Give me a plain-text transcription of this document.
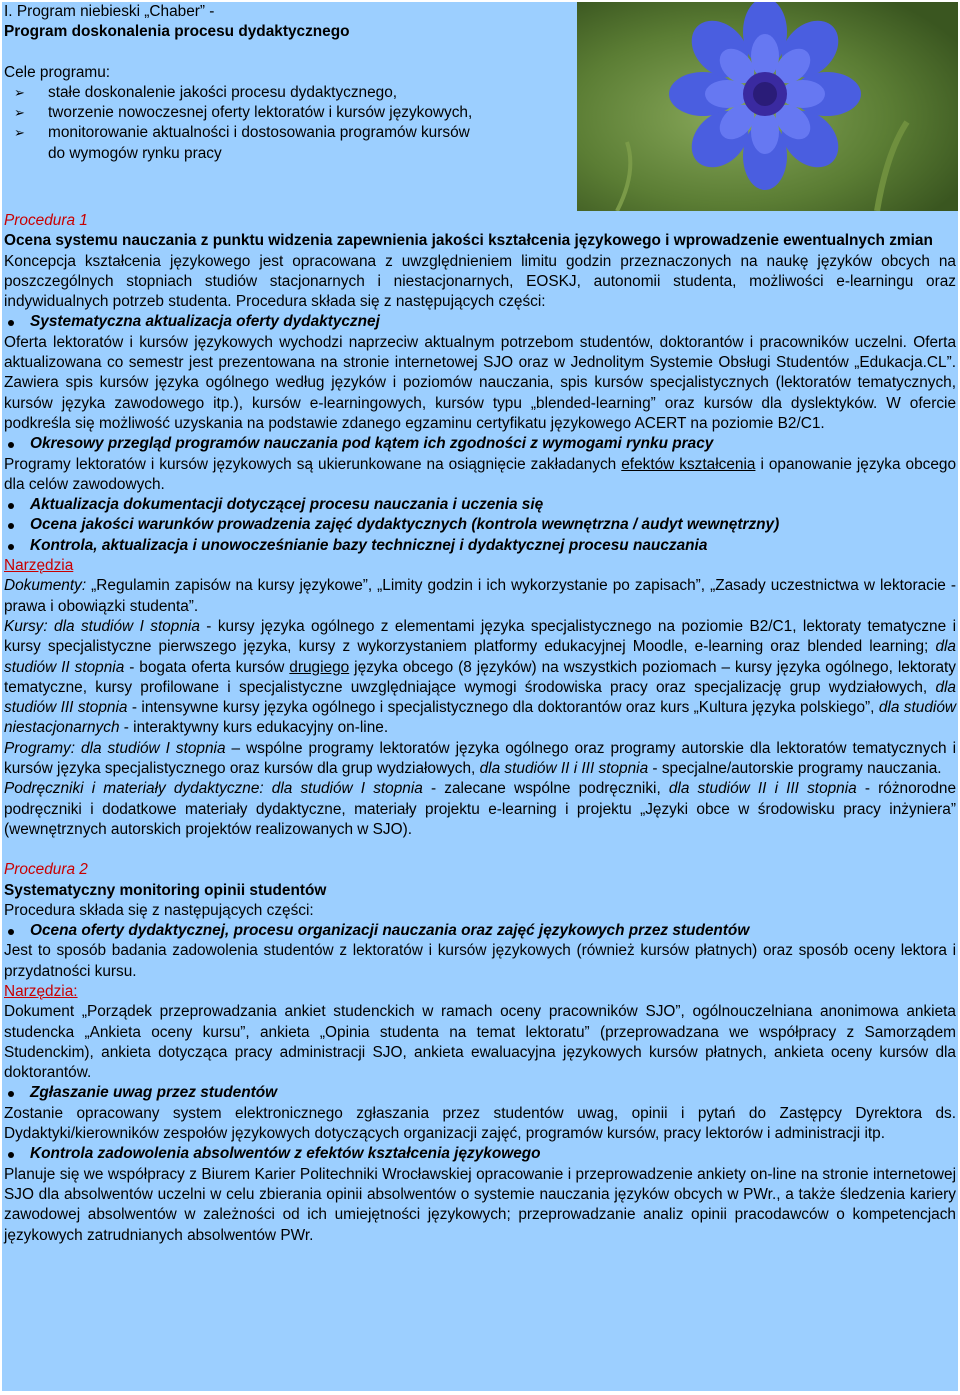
I. Program niebieski „Chaber” -
Program doskonalenia procesu dydaktycznego
Cele programu:
➢ stałe doskonalenie jakości procesu dydaktycznego,
➢ tworzenie nowoczesnej oferty lektoratów i kursów językowych,
➢ monitorowanie aktualności i dostosowania programów kursów
do wymogów rynku pracy
Procedura 1

Ocena systemu nauczania z punktu widzenia zapewnienia jakości kształcenia językowego i wprowadzenie ewentualnych zmian

Koncepcja kształcenia językowego jest opracowana z uwzględnieniem limitu godzin przeznaczonych na naukę języków obcych na poszczególnych stopniach studiów stacjonarnych i niestacjonarnych, EOSKJ, autonomii studenta, możliwości e-learningu oraz indywidualnych potrzeb studenta. Procedura składa się z następujących części:

Systematyczna aktualizacja oferty dydaktycznej

Oferta lektoratów i kursów językowych wychodzi naprzeciw aktualnym potrzebom studentów, doktorantów i pracowników uczelni. Oferta aktualizowana co semestr jest prezentowana na stronie internetowej SJO oraz w Jednolitym Systemie Obsługi Studentów „Edukacja.CL”. Zawiera spis kursów języka ogólnego według języków i poziomów nauczania, spis kursów specjalistycznych (lektoratów tematycznych, kursów języka zawodowego itp.), kursów e-learningowych, kursów typu „blended-learning” oraz kursów dla dyslektyków. W ofercie podkreśla się możliwość uzyskania na podstawie zdanego egzaminu certyfikatu językowego ACERT na poziomie B2/C1.

Okresowy przegląd programów nauczania pod kątem ich zgodności z wymogami rynku pracy

Programy lektoratów i kursów językowych są ukierunkowane na osiągnięcie zakładanych efektów kształcenia i opanowanie języka obcego dla celów zawodowych.

Aktualizacja dokumentacji dotyczącej procesu nauczania i uczenia się
Ocena jakości warunków prowadzenia zajęć dydaktycznych (kontrola wewnętrzna / audyt wewnętrzny)
Kontrola, aktualizacja i unowocześnianie bazy technicznej i dydaktycznej procesu nauczania
Narzędzia

Dokumenty: „Regulamin zapisów na kursy językowe”, „Limity godzin i ich wykorzystanie po zapisach”, „Zasady uczestnictwa w lektoracie - prawa i obowiązki studenta”.

Kursy: dla studiów I stopnia - kursy języka ogólnego z elementami języka specjalistycznego na poziomie B2/C1, lektoraty tematyczne i kursy specjalistyczne pierwszego języka, kursy z wykorzystaniem platformy edukacyjnej Moodle, e-learning oraz blended learning; dla studiów II stopnia - bogata oferta kursów drugiego języka obcego (8 języków) na wszystkich poziomach – kursy języka ogólnego, lektoraty tematyczne, kursy profilowane i specjalistyczne uwzględniające wymogi środowiska pracy oraz specjalizację grup wydziałowych, dla studiów III stopnia - intensywne kursy języka ogólnego i specjalistycznego dla doktorantów oraz kurs „Kultura języka polskiego”, dla studiów niestacjonarnych - interaktywny kurs edukacyjny on-line.

Programy: dla studiów I stopnia – wspólne programy lektoratów języka ogólnego oraz programy autorskie dla lektoratów tematycznych i kursów języka specjalistycznego oraz kursów dla grup wydziałowych, dla studiów II i III stopnia - specjalne/autorskie programy nauczania.

Podręczniki i materiały dydaktyczne: dla studiów I stopnia - zalecane wspólne podręczniki, dla studiów II i III stopnia - różnorodne podręczniki i dodatkowe materiały dydaktyczne, materiały projektu e-learning i projektu „Języki obce w środowisku pracy inżyniera” (wewnętrznych autorskich projektów realizowanych w SJO).

Procedura 2
Systematyczny monitoring opinii studentów
Procedura składa się z następujących części:
Ocena oferty dydaktycznej, procesu organizacji nauczania oraz zajęć językowych przez studentów

Jest to sposób badania zadowolenia studentów z lektoratów i kursów językowych (również kursów płatnych) oraz sposób oceny lektora i przydatności kursu.

Narzędzia:

Dokument „Porządek przeprowadzania ankiet studenckich w ramach oceny pracowników SJO”, ogólnouczelniana anonimowa ankieta studencka „Ankieta oceny kursu”, ankieta „Opinia studenta na temat lektoratu” (przeprowadzana we współpracy z Samorządem Studenckim), ankieta dotycząca pracy administracji SJO, ankieta ewaluacyjna językowych kursów płatnych, ankieta oceny kursów dla doktorantów.

Zgłaszanie uwag przez studentów

Zostanie opracowany system elektronicznego zgłaszania przez studentów uwag, opinii i pytań do Zastępcy Dyrektora ds. Dydaktyki/kierowników zespołów językowych dotyczących organizacji zajęć, programów kursów, pracy lektorów i administracji itp.

Kontrola zadowolenia absolwentów z efektów kształcenia językowego

Planuje się we współpracy z Biurem Karier Politechniki Wrocławskiej opracowanie i przeprowadzenie ankiety on-line na stronie internetowej SJO dla absolwentów uczelni w celu zbierania opinii absolwentów o systemie nauczania języków obcych w PWr., a także śledzenia kariery zawodowej absolwentów w zależności od ich umiejętności językowych; przeprowadzanie analiz opinii pracodawców o kompetencjach językowych zatrudnianych absolwentów PWr.
